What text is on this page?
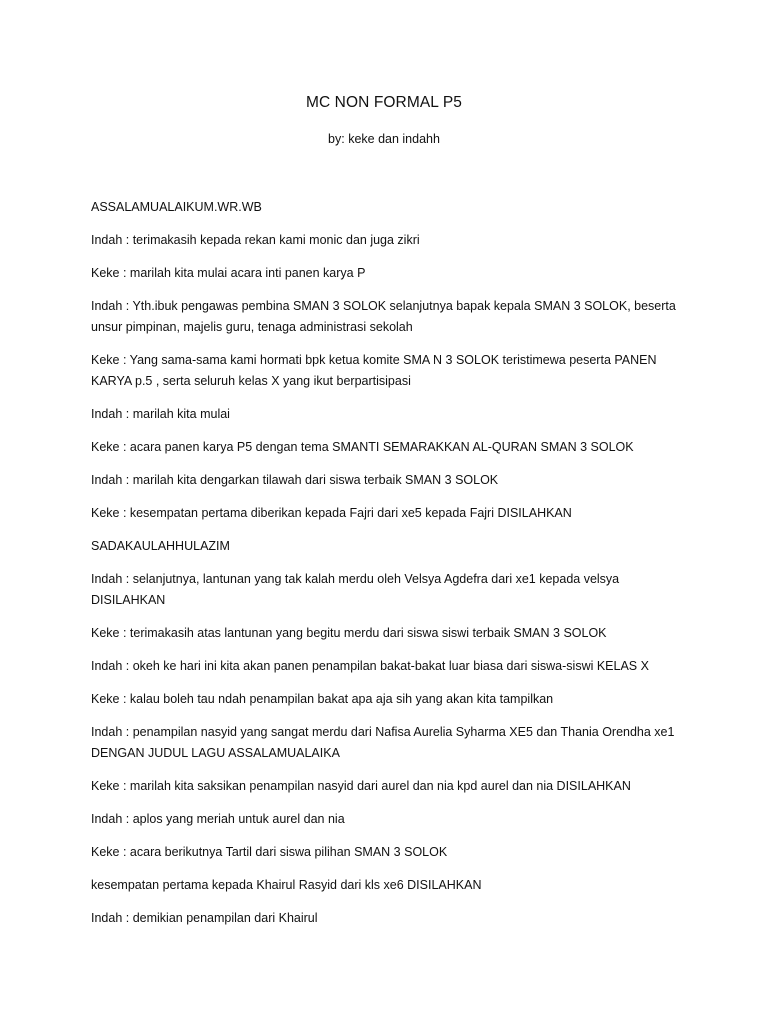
MC NON FORMAL P5
by: keke dan indahh

ASSALAMUALAIKUM.WR.WB

Indah : terimakasih kepada rekan kami monic dan juga zikri

Keke : marilah kita mulai acara inti panen karya P

Indah : Yth.ibuk pengawas pembina SMAN 3 SOLOK selanjutnya bapak kepala SMAN 3 SOLOK, beserta unsur pimpinan, majelis guru, tenaga administrasi sekolah

Keke : Yang sama-sama kami hormati bpk ketua komite SMA N 3 SOLOK teristimewa peserta PANEN KARYA p.5 , serta seluruh kelas X yang ikut berpartisipasi

Indah : marilah kita mulai

Keke : acara panen karya P5 dengan tema SMANTI SEMARAKKAN AL-QURAN SMAN 3 SOLOK

Indah : marilah kita dengarkan tilawah dari siswa terbaik SMAN 3 SOLOK

Keke : kesempatan pertama diberikan kepada Fajri dari xe5 kepada Fajri DISILAHKAN

SADAKAULAHHULAZIM

Indah : selanjutnya, lantunan yang tak kalah merdu oleh Velsya Agdefra dari xe1 kepada velsya DISILAHKAN

Keke : terimakasih atas lantunan yang begitu merdu dari siswa siswi terbaik SMAN 3 SOLOK

Indah : okeh ke hari ini kita akan panen penampilan bakat-bakat luar biasa dari siswa-siswi KELAS X

Keke : kalau boleh tau ndah penampilan bakat apa aja sih yang akan kita tampilkan

Indah : penampilan nasyid yang sangat merdu dari Nafisa Aurelia Syharma XE5 dan Thania Orendha xe1 DENGAN JUDUL LAGU ASSALAMUALAIKA

Keke : marilah kita saksikan penampilan nasyid dari aurel dan nia kpd aurel dan nia DISILAHKAN

Indah : aplos yang meriah untuk aurel dan nia

Keke : acara berikutnya Tartil dari siswa pilihan SMAN 3 SOLOK

kesempatan pertama kepada Khairul Rasyid dari kls xe6 DISILAHKAN

Indah : demikian penampilan dari Khairul
